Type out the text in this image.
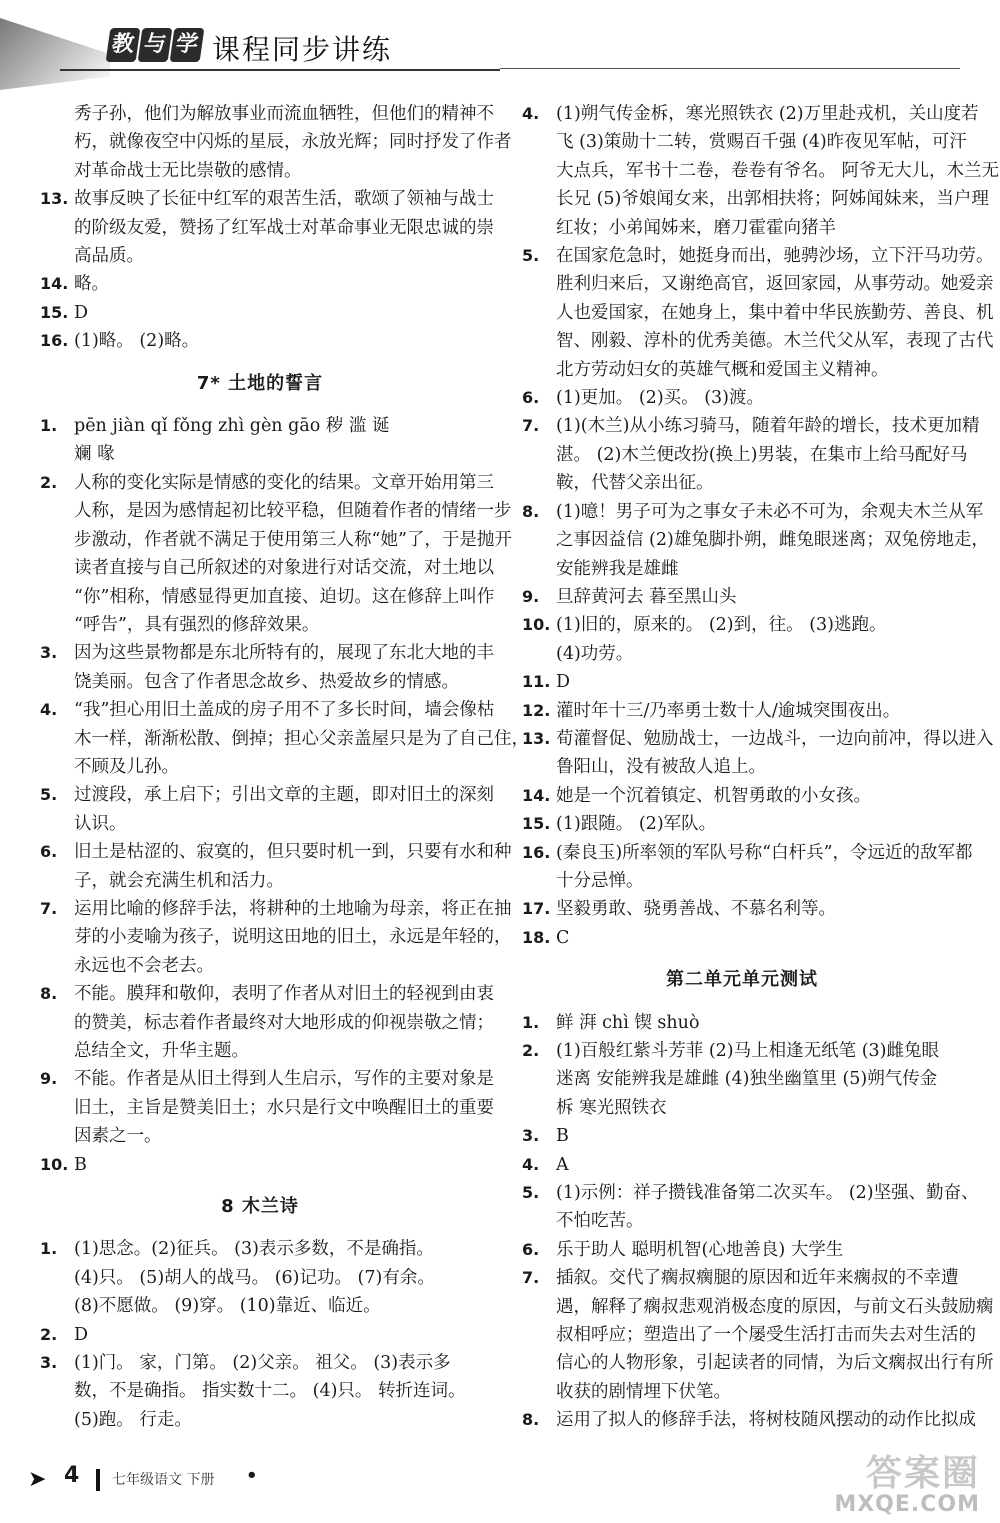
教 与 学 课程同步讲练
秀子孙，他们为解放事业而流血牺牲，但他们的精神不
朽，就像夜空中闪烁的星辰，永放光辉；同时抒发了作者
对革命战士无比崇敬的感情。
13. 故事反映了长征中红军的艰苦生活，歌颂了领袖与战士
的阶级友爱，赞扬了红军战士对革命事业无限忠诚的崇
高品质。
14. 略。
15. D
16. (1)略。 (2)略。
7* 土地的誓言
1. pēn jiàn qǐ fǒng zhì gèn gāo 秽 滥 诞
斓 喙
2. 人称的变化实际是情感的变化的结果。文章开始用第三
人称，是因为感情起初比较平稳，但随着作者的情绪一步
步激动，作者就不满足于使用第三人称“她”了，于是抛开
读者直接与自己所叙述的对象进行对话交流，对土地以
“你”相称，情感显得更加直接、迫切。这在修辞上叫作
“呼告”，具有强烈的修辞效果。
3. 因为这些景物都是东北所特有的，展现了东北大地的丰
饶美丽。包含了作者思念故乡、热爱故乡的情感。
4. “我”担心用旧土盖成的房子用不了多长时间，墙会像枯
木一样，渐渐松散、倒掉；担心父亲盖屋只是为了自己住，
不顾及儿孙。
5. 过渡段，承上启下；引出文章的主题，即对旧土的深刻
认识。
6. 旧土是枯涩的、寂寞的，但只要时机一到，只要有水和种
子，就会充满生机和活力。
7. 运用比喻的修辞手法，将耕种的土地喻为母亲，将正在抽
芽的小麦喻为孩子，说明这田地的旧土，永远是年轻的，
永远也不会老去。
8. 不能。膜拜和敬仰，表明了作者从对旧土的轻视到由衷
的赞美，标志着作者最终对大地形成的仰视崇敬之情；
总结全文，升华主题。
9. 不能。作者是从旧土得到人生启示，写作的主要对象是
旧土，主旨是赞美旧土；水只是行文中唤醒旧土的重要
因素之一。
10. B
8 木兰诗
1. (1)思念。(2)征兵。 (3)表示多数，不是确指。
(4)只。 (5)胡人的战马。 (6)记功。 (7)有余。
(8)不愿做。 (9)穿。 (10)靠近、临近。
2. D
3. (1)门。 家，门第。 (2)父亲。 祖父。 (3)表示多
数，不是确指。 指实数十二。 (4)只。 转折连词。
(5)跑。 行走。
4. (1)朔气传金柝，寒光照铁衣 (2)万里赴戎机，关山度若
飞 (3)策勋十二转，赏赐百千强 (4)昨夜见军帖，可汗
大点兵，军书十二卷，卷卷有爷名。 阿爷无大儿，木兰无
长兄 (5)爷娘闻女来，出郭相扶将；阿姊闻妹来，当户理
红妆；小弟闻姊来，磨刀霍霍向猪羊
5. 在国家危急时，她挺身而出，驰骋沙场，立下汗马功劳。
胜利归来后，又谢绝高官，返回家园，从事劳动。她爱亲
人也爱国家，在她身上，集中着中华民族勤劳、善良、机
智、刚毅、淳朴的优秀美德。木兰代父从军，表现了古代
北方劳动妇女的英雄气概和爱国主义精神。
6. (1)更加。 (2)买。 (3)渡。
7. (1)(木兰)从小练习骑马，随着年龄的增长，技术更加精
湛。 (2)木兰便改扮(换上)男装，在集市上给马配好马
鞍，代替父亲出征。
8. (1)噫！男子可为之事女子未必不可为，余观夫木兰从军
之事因益信 (2)雄兔脚扑朔，雌兔眼迷离；双兔傍地走，
安能辨我是雄雌
9. 旦辞黄河去 暮至黑山头
10. (1)旧的，原来的。 (2)到，往。 (3)逃跑。
(4)功劳。
11. D
12. 灌时年十三/乃率勇士数十人/逾城突围夜出。
13. 荀灌督促、勉励战士，一边战斗，一边向前冲，得以进入
鲁阳山，没有被敌人追上。
14. 她是一个沉着镇定、机智勇敢的小女孩。
15. (1)跟随。 (2)军队。
16. (秦良玉)所率领的军队号称“白杆兵”，令远近的敌军都
十分忌惮。
17. 坚毅勇敢、骁勇善战、不慕名利等。
18. C
第二单元单元测试
1. 鲜 湃 chì 锲 shuò
2. (1)百般红紫斗芳菲 (2)马上相逢无纸笔 (3)雌兔眼
迷离 安能辨我是雄雌 (4)独坐幽篁里 (5)朔气传金
柝 寒光照铁衣
3. B
4. A
5. (1)示例：祥子攒钱准备第二次买车。 (2)坚强、勤奋、
不怕吃苦。
6. 乐于助人 聪明机智(心地善良) 大学生
7. 插叙。交代了瘸叔瘸腿的原因和近年来瘸叔的不幸遭
遇，解释了瘸叔悲观消极态度的原因，与前文石头鼓励瘸
叔相呼应；塑造出了一个屡受生活打击而失去对生活的
信心的人物形象，引起读者的同情，为后文瘸叔出行有所
收获的剧情埋下伏笔。
8. 运用了拟人的修辞手法，将树枝随风摆动的动作比拟成
➤ 4 七年级语文 下册 •	答案圈
MXQE.COM
